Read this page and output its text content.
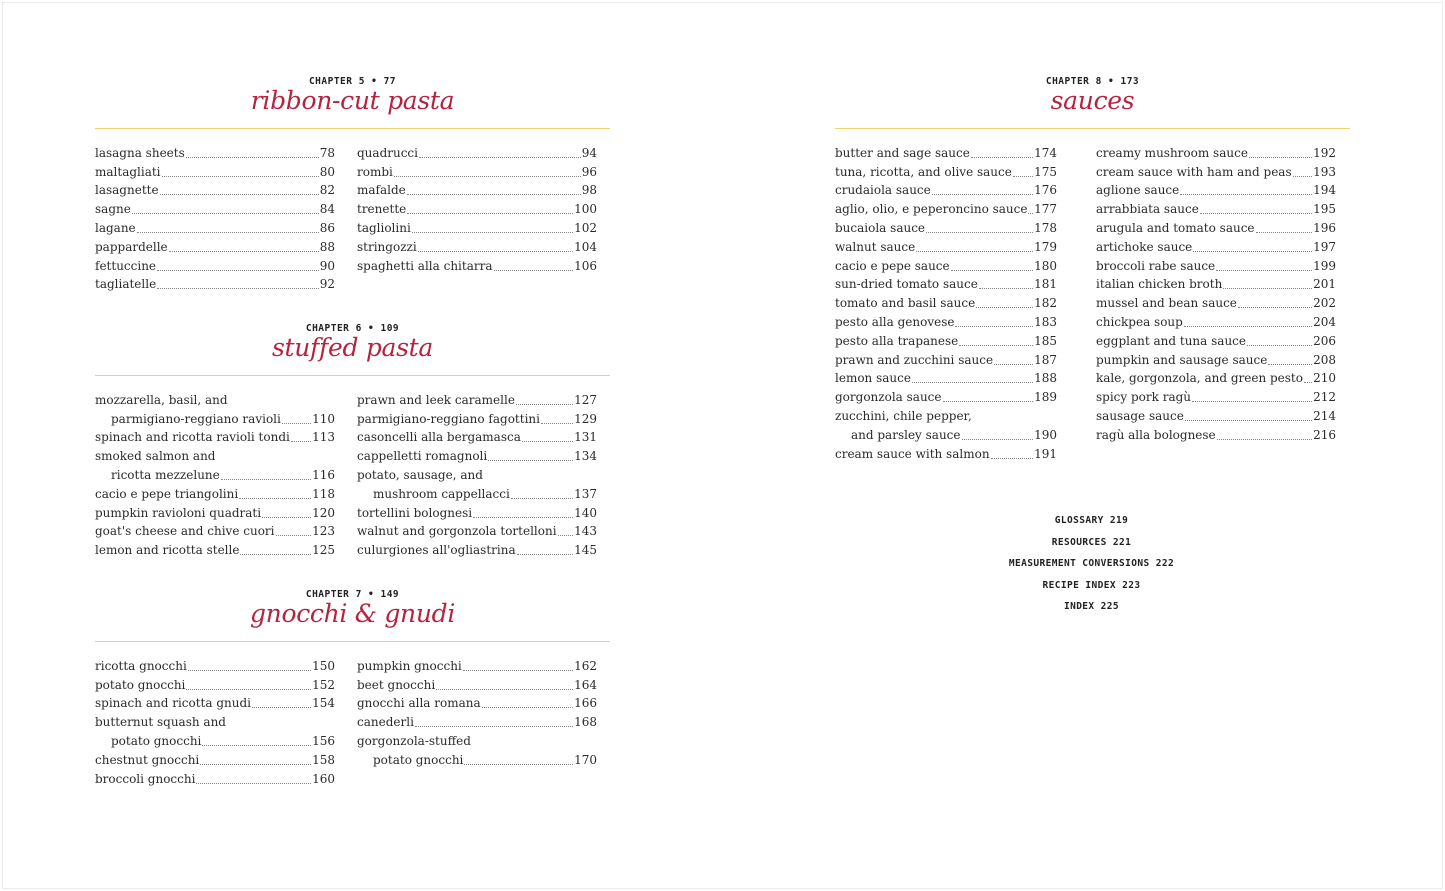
CHAPTER 5 • 77
ribbon-cut pasta
lasagna sheets	78
maltagliati	80
lasagnette	82
sagne	84
lagane	86
pappardelle	88
fettuccine	90
tagliatelle	92
quadrucci	94
rombi	96
mafalde	98
trenette	100
tagliolini	102
stringozzi	104
spaghetti alla chitarra	106
CHAPTER 6 • 109
stuffed pasta
mozzarella, basil, and
parmigiano-reggiano ravioli	110
spinach and ricotta ravioli tondi 113
smoked salmon and
ricotta mezzelune	116
cacio e pepe triangolini	118
pumpkin ravioloni quadrati	120
goat's cheese and chive cuori	123
lemon and ricotta stelle	125
prawn and leek caramelle	127
parmigiano-reggiano fagottini	129
casoncelli alla bergamasca	131
cappelletti romagnoli	134
potato, sausage, and
mushroom cappellacci	137
tortellini bolognesi	140
walnut and gorgonzola tortelloni 143
culurgiones all'ogliastrina	145
CHAPTER 7 • 149
gnocchi & gnudi
ricotta gnocchi	150
potato gnocchi	152
spinach and ricotta gnudi	154
butternut squash and
potato gnocchi	156
chestnut gnocchi	158
broccoli gnocchi	160
pumpkin gnocchi	162
beet gnocchi	164
gnocchi alla romana	166
canederli	168
gorgonzola-stuffed
potato gnocchi	170
CHAPTER 8 • 173
sauces
butter and sage sauce	174
tuna, ricotta, and olive sauce 175
crudaiola sauce	176
aglio, olio, e peperoncino sauce 177
bucaiola sauce	178
walnut sauce	179
cacio e pepe sauce	180
sun-dried tomato sauce	181
tomato and basil sauce	182
pesto alla genovese	183
pesto alla trapanese	185
prawn and zucchini sauce	187
lemon sauce	188
gorgonzola sauce	189
zucchini, chile pepper,
and parsley sauce	190
cream sauce with salmon	191
creamy mushroom sauce	192
cream sauce with ham and peas 193
aglione sauce	194
arrabbiata sauce	195
arugula and tomato sauce	196
artichoke sauce	197
broccoli rabe sauce	199
italian chicken broth	201
mussel and bean sauce	202
chickpea soup	204
eggplant and tuna sauce	206
pumpkin and sausage sauce	208
kale, gorgonzola, and green pesto 210
spicy pork ragù	212
sausage sauce	214
ragù alla bolognese	216
GLOSSARY 219
RESOURCES 221
MEASUREMENT CONVERSIONS 222
RECIPE INDEX 223
INDEX 225
